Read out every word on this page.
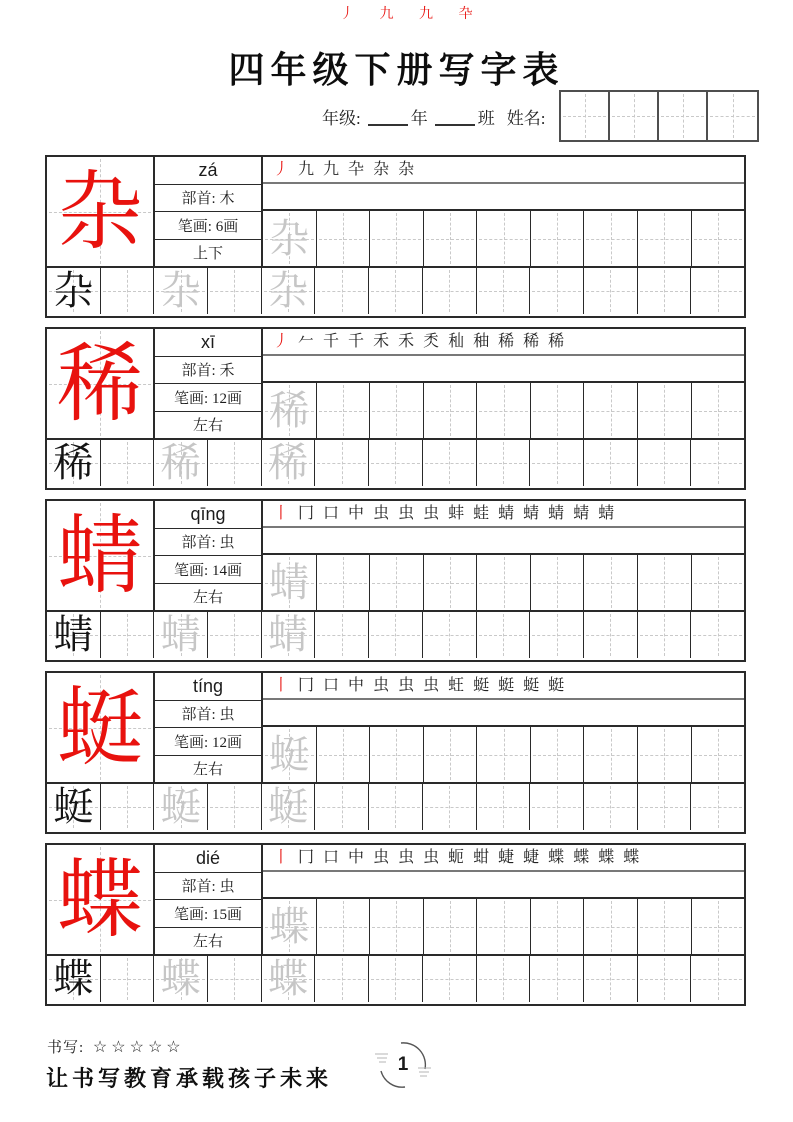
丿 九 九 卆
四年级下册写字表
年级:	年	班 姓名:
杂	zá
部首: 木
笔画: 6画
上下
丿 九 九 卆 杂 杂
杂
杂 杂 杂
稀	xī
部首: 禾
笔画: 12画
左右
丿 𠂉 千 千 禾 禾 秂 秈 秞 稀 稀 稀
稀
稀 稀 稀
蜻	qīng
部首: 虫
笔画: 14画
左右
丨 冂 口 中 虫 虫 虫 蚌 蛙 蜻 蜻 蜻 蜻 蜻
蜻
蜻 蜻 蜻
蜓	tíng
部首: 虫
笔画: 12画
左右
丨 冂 口 中 虫 虫 虫 蚟 蜓 蜓 蜓 蜓
蜓
蜓 蜓 蜓
蝶	dié
部首: 虫
笔画: 15画
左右
丨 冂 口 中 虫 虫 虫 蚅 蚶 蜨 蜨 蝶 蝶 蝶 蝶
蝶
蝶 蝶 蝶
书写: ☆☆☆☆☆
让书写教育承载孩子未来
1
